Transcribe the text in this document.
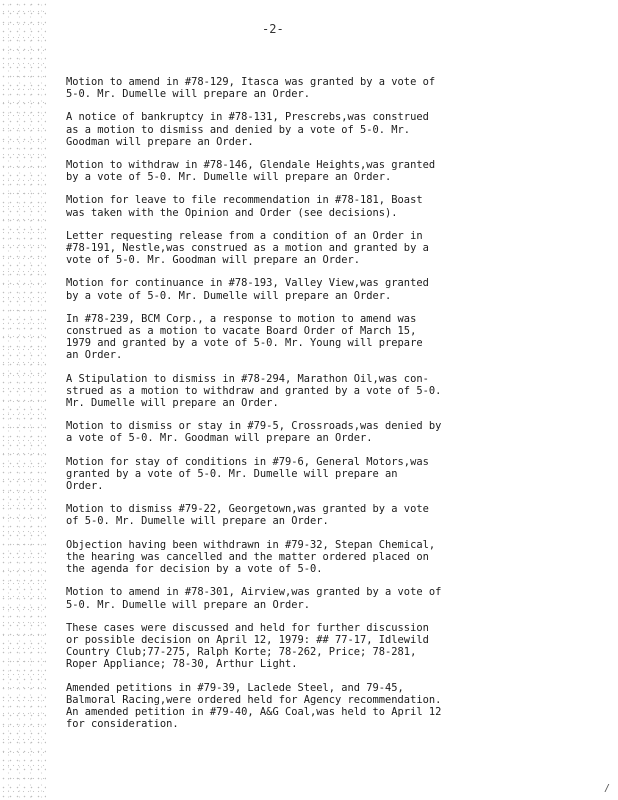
-2-

Motion to amend in #78-129, Itasca was granted by a vote of
5-0. Mr. Dumelle will prepare an Order.

A notice of bankruptcy in #78-131, Prescrebs,was construed
as a motion to dismiss and denied by a vote of 5-0. Mr.
Goodman will prepare an Order.

Motion to withdraw in #78-146, Glendale Heights,was granted
by a vote of 5-0. Mr. Dumelle will prepare an Order.

Motion for leave to file recommendation in #78-181, Boast
was taken with the Opinion and Order (see decisions).

Letter requesting release from a condition of an Order in
#78-191, Nestle,was construed as a motion and granted by a
vote of 5-0. Mr. Goodman will prepare an Order.

Motion for continuance in #78-193, Valley View,was granted
by a vote of 5-0. Mr. Dumelle will prepare an Order.

In #78-239, BCM Corp., a response to motion to amend was
construed as a motion to vacate Board Order of March 15,
1979 and granted by a vote of 5-0. Mr. Young will prepare
an Order.

A Stipulation to dismiss in #78-294, Marathon Oil,was con-
strued as a motion to withdraw and granted by a vote of 5-0.
Mr. Dumelle will prepare an Order.

Motion to dismiss or stay in #79-5, Crossroads,was denied by
a vote of 5-0. Mr. Goodman will prepare an Order.

Motion for stay of conditions in #79-6, General Motors,was
granted by a vote of 5-0. Mr. Dumelle will prepare an
Order.

Motion to dismiss #79-22, Georgetown,was granted by a vote
of 5-0. Mr. Dumelle will prepare an Order.

Objection having been withdrawn in #79-32, Stepan Chemical,
the hearing was cancelled and the matter ordered placed on
the agenda for decision by a vote of 5-0.

Motion to amend in #78-301, Airview,was granted by a vote of
5-0. Mr. Dumelle will prepare an Order.

These cases were discussed and held for further discussion
or possible decision on April 12, 1979: ## 77-17, Idlewild
Country Club;77-275, Ralph Korte; 78-262, Price; 78-281,
Roper Appliance; 78-30, Arthur Light.

Amended petitions in #79-39, Laclede Steel, and 79-45,
Balmoral Racing,were ordered held for Agency recommendation.
An amended petition in #79-40, A&G Coal,was held to April 12
for consideration.

/
